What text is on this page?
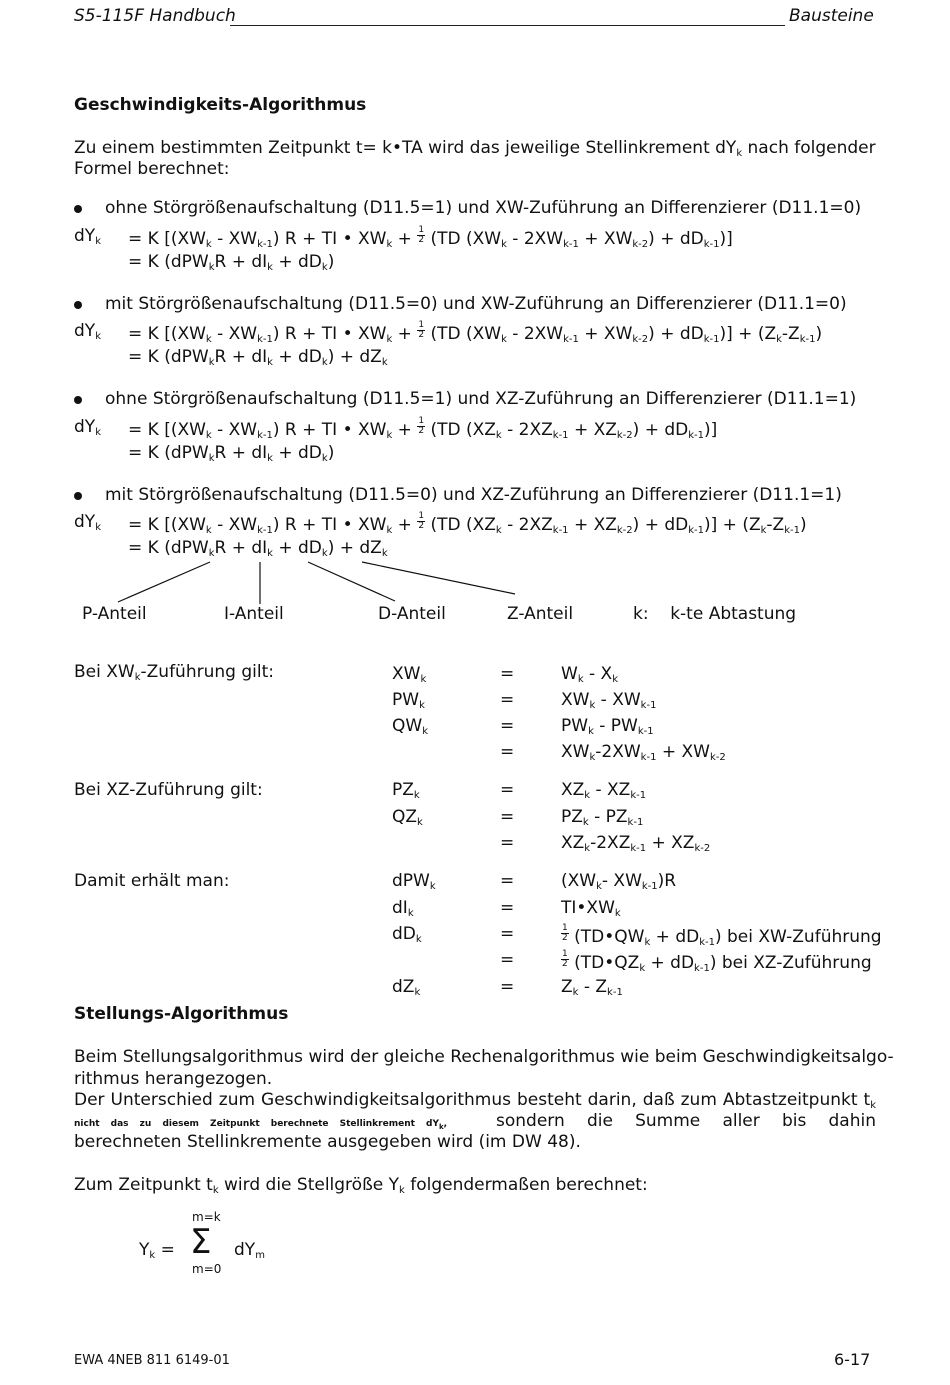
S5-115F Handbuch	Bausteine
Geschwindigkeits-Algorithmus
Zu einem bestimmten Zeitpunkt t= k•TA wird das jeweilige Stellinkrement $dY_k$ nach folgender
Formel berechnet:
ohne Störgrößenaufschaltung (D11.5=1) und XW-Zuführung an Differenzierer (D11.1=0)
$dY_k = K$ [$(XW_k - XW_{k-1}) R$ + TI • $XW_k + \frac{1}{2} (TD$ $(XW_k - 2XW_{k-1} + XW_{k-2}) + dD_{k-1}$)]
= K $(dPW_kR + dI_k + dD_k)$
mit Störgrößenaufschaltung (D11.5=0) und XW-Zuführung an Differenzierer (D11.1=0)
$dY_k = K$ [$(XW_k - XW_{k-1}) R$ + TI • $XW_k + \frac{1}{2} (TD$ $(XW_k - 2XW_{k-1} + XW_{k-2}) + dD_{k-1})] + (Z_k-Z_{k-1})$
= K $(dPW_kR + dI_k + dD_k) + dZ_k$
ohne Störgrößenaufschaltung (D11.5=1) und XZ-Zuführung an Differenzierer (D11.1=1)
$dY_k = K$ [$(XW_k - XW_{k-1}) R$ + TI • $XW_k + \frac{1}{2} (TD$ $(XZ_k - 2XZ_{k-1} + XZ_{k-2}) + dD_{k-1}$)]
= K $(dPW_kR + dI_k + dD_k)$
mit Störgrößenaufschaltung (D11.5=0) und XZ-Zuführung an Differenzierer (D11.1=1)
$dY_k = K$ [$(XW_k - XW_{k-1}) R$ + TI • $XW_k + \frac{1}{2} (TD$ $(XZ_k - 2XZ_{k-1} + XZ_{k-2}) + dD_{k-1})] + (Z_k-Z_{k-1})$
= K $(dPW_kR + dI_k + dD_k) + dZ_k$
P-Anteil	I-Anteil	D-Anteil	Z-Anteil	k:    k-te Abtastung
Bei $XW_k$-Zuführung gilt:	$XW_k$	=	$W_k - X_k$
$PW_k$	=	$XW_k - XW_{k-1}$
$QW_k$	=	$PW_k - PW_{k-1}$
=	$XW_k-2XW_{k-1} + XW_{k-2}$
Bei XZ-Zuführung gilt:	$PZ_k$	=	$XZ_k - XZ_{k-1}$
$QZ_k$	=	$PZ_k - PZ_{k-1}$
=	$XZ_k-2XZ_{k-1} + XZ_{k-2}$
Damit erhält man:	dPW$_k$	=	($XW_k-$ $XW_{k-1})R$
$dI_k$	=	$TI•XW_k$
$dD_k$	=	$\frac{1}{2}$ $(TD•QW_k + dD_{k-1})$ bei XW-Zuführung
=	$\frac{1}{2}$ $(TD•QZ_k + dD_{k-1})$ bei XZ-Zuführung
$dZ_k$	=	$Z_k - Z_{k-1}$
Stellungs-Algorithmus
Beim Stellungsalgorithmus wird der gleiche Rechenalgorithmus wie beim Geschwindigkeitsalgo-
rithmus herangezogen.
Der Unterschied zum Geschwindigkeitsalgorithmus besteht darin, daß zum Abtastzeitpunkt $t_k$
nicht das zu diesem Zeitpunkt berechnete Stellinkrement $dY_k$,	sondern die Summe aller bis dahin
berechneten Stellinkremente ausgegeben wird (im DW 48).
Zum Zeitpunkt $t_k$ wird die Stellgröße $Y_k$ folgendermaßen berechnet:
m=k
$Y_k = \Sigma$ $dY_m$
m=0
EWA 4NEB 811 6149-01	6-17
